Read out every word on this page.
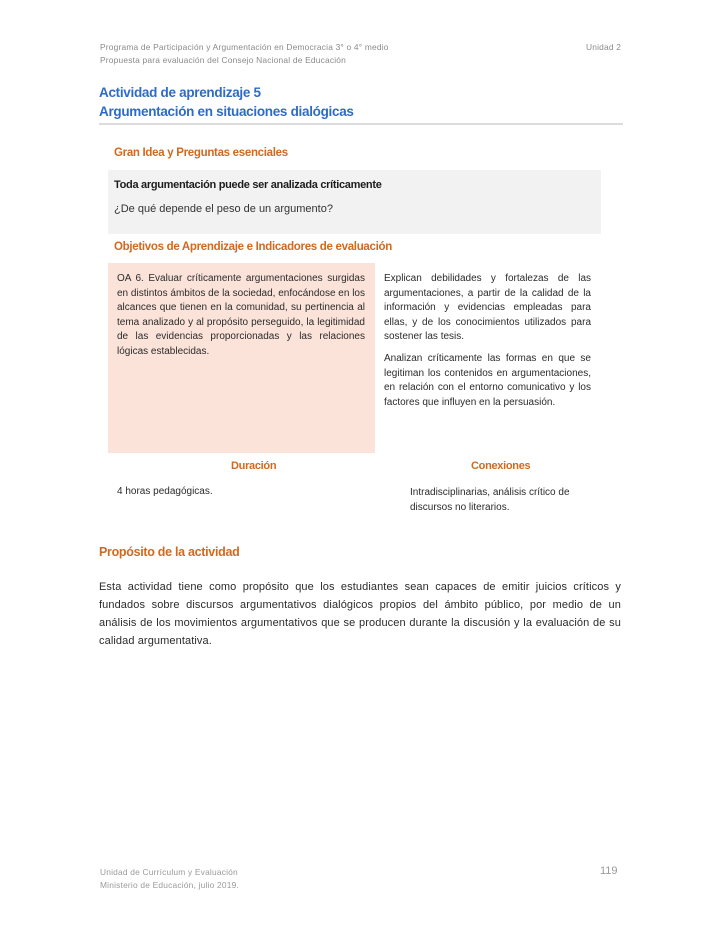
Programa de Participación y Argumentación en Democracia 3° o 4° medio
Propuesta para evaluación del Consejo Nacional de Educación
Unidad 2
Actividad de aprendizaje 5
Argumentación en situaciones dialógicas
Gran Idea y Preguntas esenciales
Toda argumentación puede ser analizada críticamente
¿De qué depende el peso de un argumento?
Objetivos de Aprendizaje e Indicadores de evaluación
OA 6. Evaluar críticamente argumentaciones surgidas en distintos ámbitos de la sociedad, enfocándose en los alcances que tienen en la comunidad, su pertinencia al tema analizado y al propósito perseguido, la legitimidad de las evidencias proporcionadas y las relaciones lógicas establecidas.

Explican debilidades y fortalezas de las argumentaciones, a partir de la calidad de la información y evidencias empleadas para ellas, y de los conocimientos utilizados para sostener las tesis.

Analizan críticamente las formas en que se legitiman los contenidos en argumentaciones, en relación con el entorno comunicativo y los factores que influyen en la persuasión.

Duración	Conexiones
4 horas pedagógicas.	Intradisciplinarias, análisis crítico de discursos no literarios.
Propósito de la actividad
Esta actividad tiene como propósito que los estudiantes sean capaces de emitir juicios críticos y fundados sobre discursos argumentativos dialógicos propios del ámbito público, por medio de un análisis de los movimientos argumentativos que se producen durante la discusión y la evaluación de su calidad argumentativa.
Unidad de Currículum y Evaluación
Ministerio de Educación, julio 2019.
119
